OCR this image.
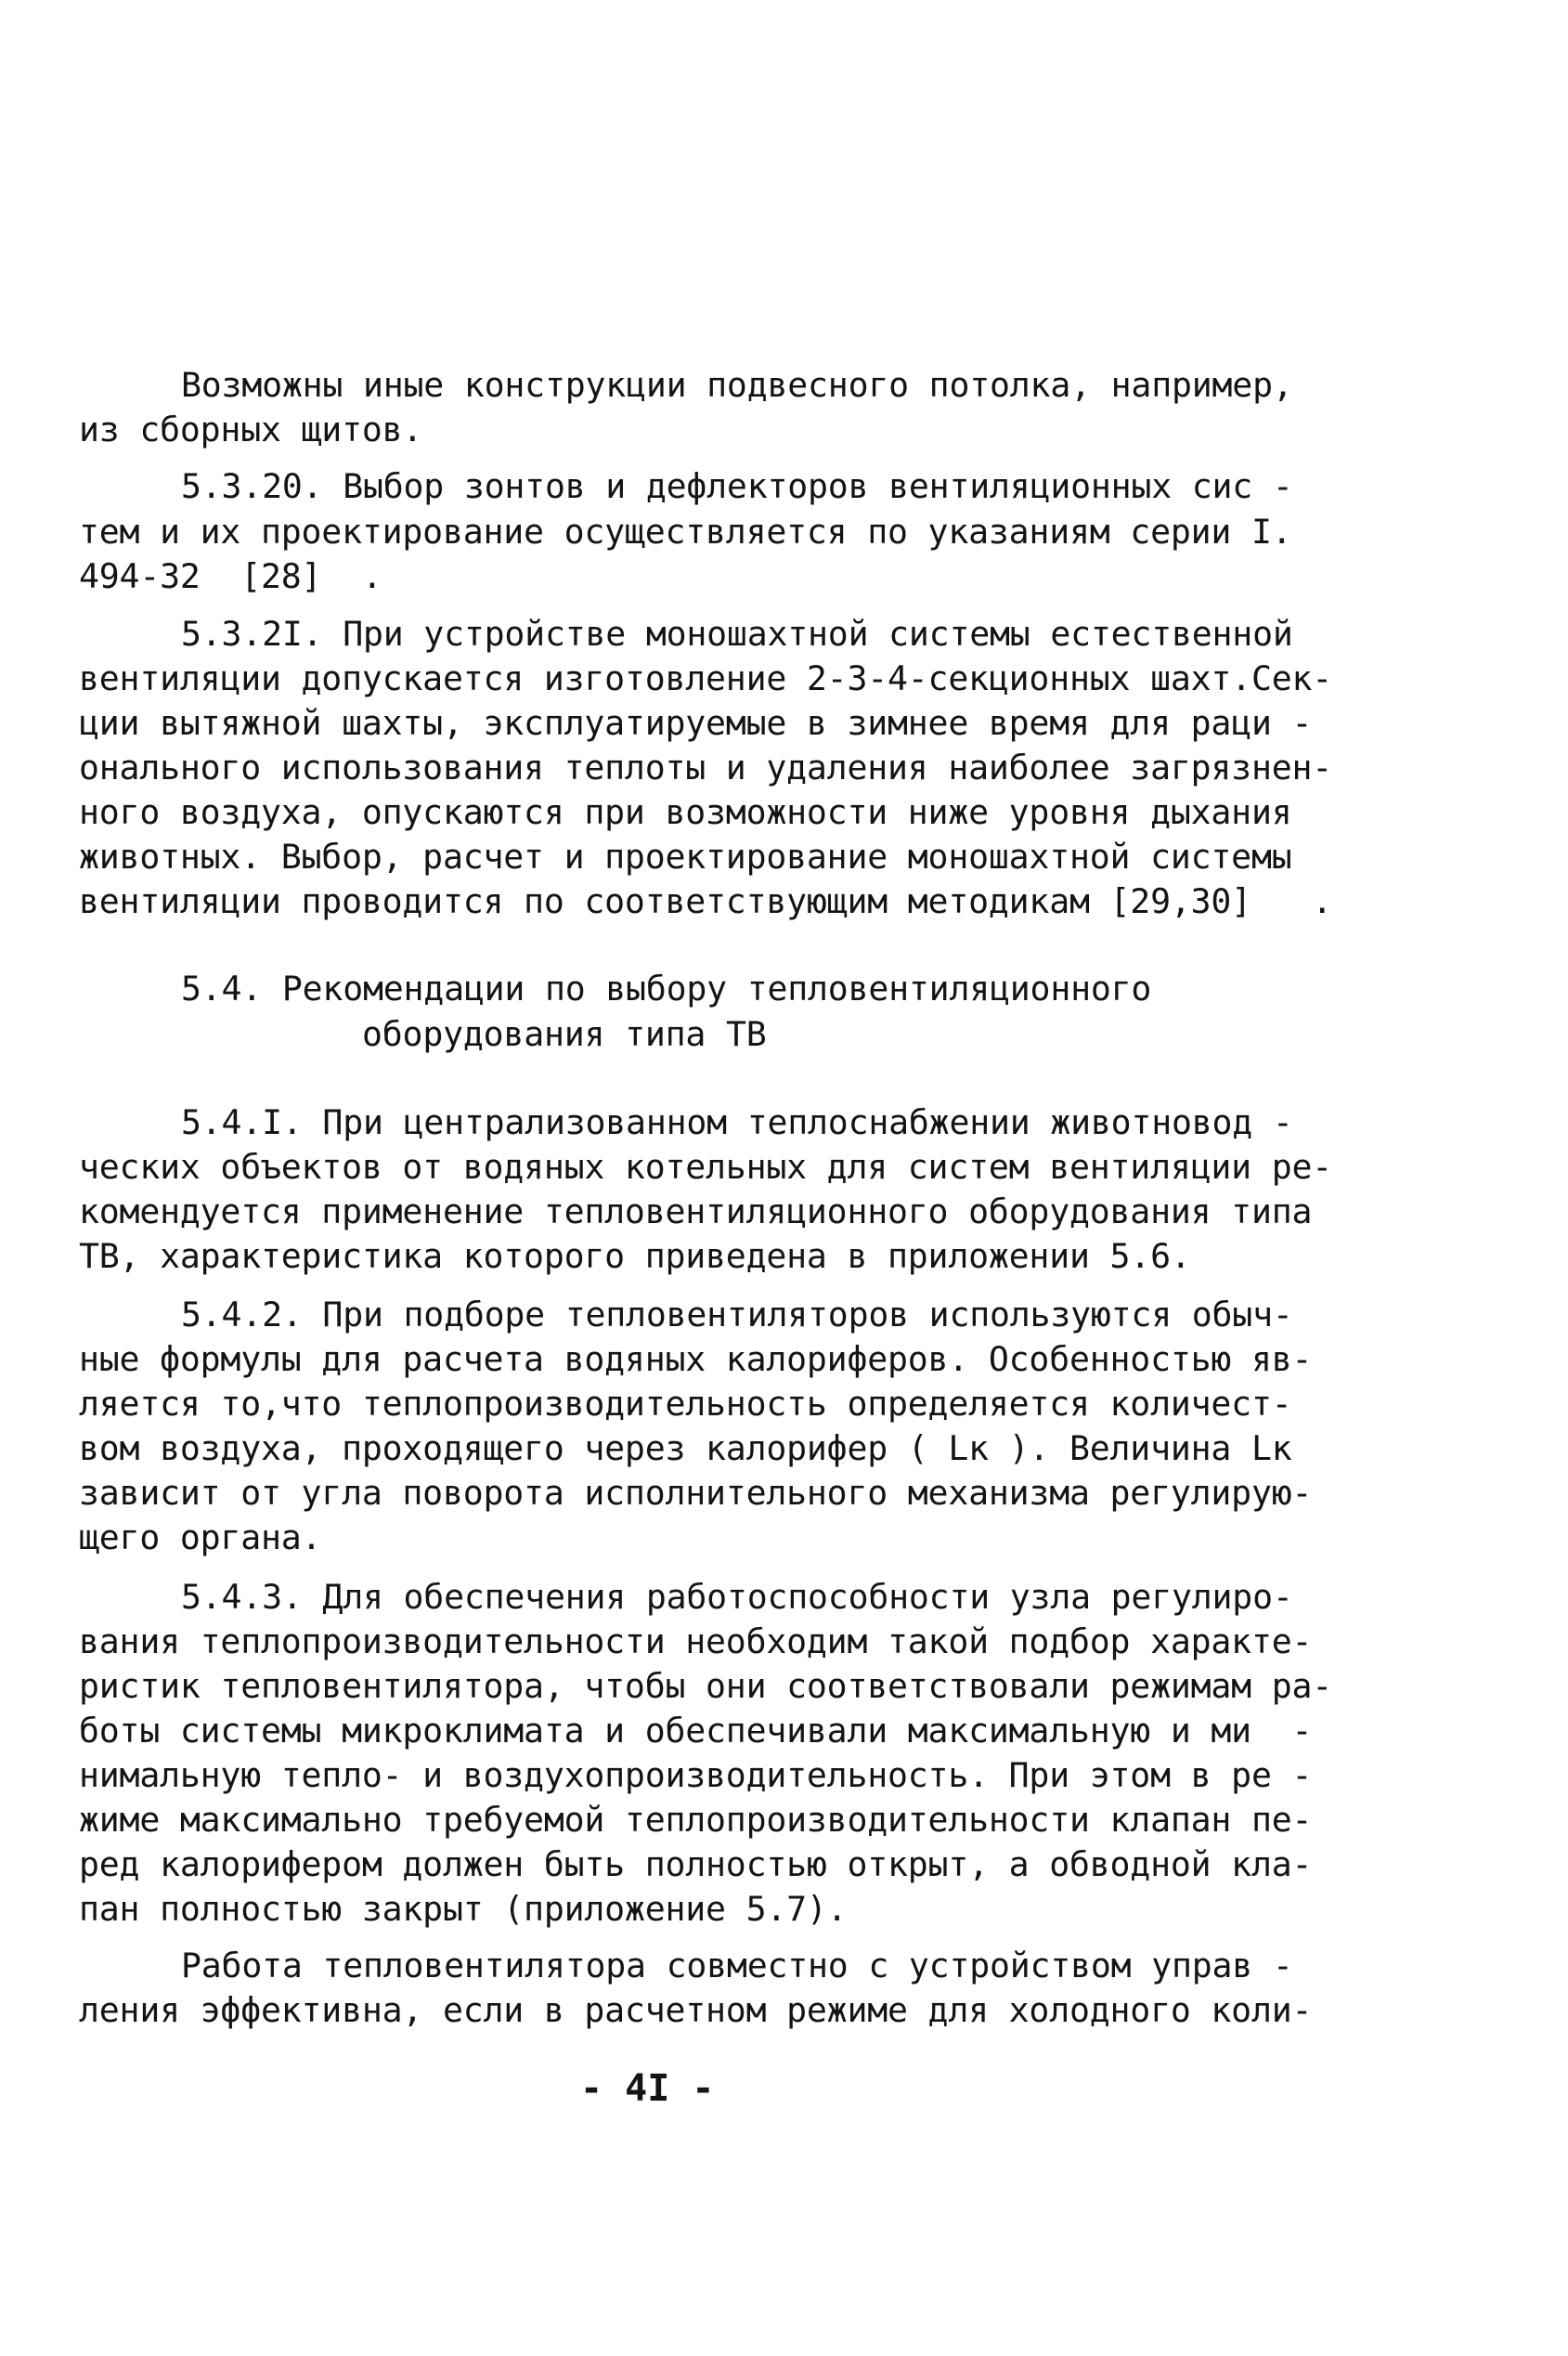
Возможны иные конструкции подвесного потолка, например,
из сборных щитов.
5.3.20. Выбор зонтов и дефлекторов вентиляционных сис -
тем и их проектирование осуществляется по указаниям серии I.
494-32  [28]  .
5.3.2I. При устройстве моношахтной системы естественной
вентиляции допускается изготовление 2-3-4-секционных шахт.Сек-
ции вытяжной шахты, эксплуатируемые в зимнее время для раци -
онального использования теплоты и удаления наиболее загрязнен-
ного воздуха, опускаются при возможности ниже уровня дыхания
животных. Выбор, расчет и проектирование моношахтной системы
вентиляции проводится по соответствующим методикам [29,30]   .
5.4. Рекомендации по выбору тепловентиляционного
оборудования типа ТВ
5.4.I. При централизованном теплоснабжении животновод -
ческих объектов от водяных котельных для систем вентиляции ре-
комендуется применение тепловентиляционного оборудования типа
ТВ, характеристика которого приведена в приложении 5.6.
5.4.2. При подборе тепловентиляторов используются обыч-
ные формулы для расчета водяных калориферов. Особенностью яв-
ляется то,что теплопроизводительность определяется количест-
вом воздуха, проходящего через калорифер ( Lк ). Величина Lк
зависит от угла поворота исполнительного механизма регулирую-
щего органа.
5.4.3. Для обеспечения работоспособности узла регулиро-
вания теплопроизводительности необходим такой подбор характе-
ристик тепловентилятора, чтобы они соответствовали режимам ра-
боты системы микроклимата и обеспечивали максимальную и ми  -
нимальную тепло- и воздухопроизводительность. При этом в ре -
жиме максимально требуемой теплопроизводительности клапан пе-
ред калорифером должен быть полностью открыт, а обводной кла-
пан полностью закрыт (приложение 5.7).
Работа тепловентилятора совместно с устройством управ -
ления эффективна, если в расчетном режиме для холодного коли-
- 4I -
